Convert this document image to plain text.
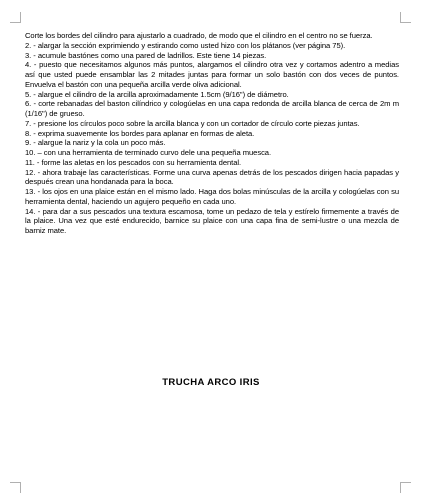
Corte los bordes del cilindro para ajustarlo a cuadrado, de modo que el cilindro en el centro no se fuerza.

2. - alargar la sección exprimiendo y estirando como usted hizo con los plátanos (ver página 75).

3. - acumule bastónes como una pared de ladrillos. Este tiene 14 piezas.

4. - puesto que necesitamos algunos más puntos, alargamos el cilindro otra vez y cortamos adentro a medias así que usted puede ensamblar las 2 mitades juntas para formar un solo bastón con dos veces de puntos. Envuelva el bastón con una pequeña arcilla verde oliva adicional.

5. - alargue el cilindro de la arcilla aproximadamente 1.5cm (9/16") de diámetro.

6. - corte rebanadas del baston cilíndrico y cologúelas en una capa redonda de arcilla blanca de cerca de 2m m (1/16") de grueso.

7. - presione los círculos poco sobre la arcilla blanca y con un cortador de círculo corte piezas juntas.

8. - exprima suavemente los bordes para aplanar en formas de aleta.

9. - alargue la nariz y la cola un poco más.

10. – con una herramienta de terminado curvo dele una pequeña muesca.

11. - forme las aletas en los pescados con su herramienta dental.

12. - ahora trabaje las características. Forme una curva apenas detrás de los pescados dirigen hacia papadas y después crean una hondanada para la boca.

13. - los ojos en una plaice están en el mismo lado. Haga dos bolas minúsculas de la arcilla y cologúelas con su herramienta dental, haciendo un agujero pequeño en cada uno.

14. - para dar a sus pescados una textura escamosa, tome un pedazo de tela y estírelo firmemente a través de la plaice. Una vez que esté endurecido, barnice su plaice con una capa fina de semi-lustre o una mezcla de barniz mate.

TRUCHA ARCO IRIS
